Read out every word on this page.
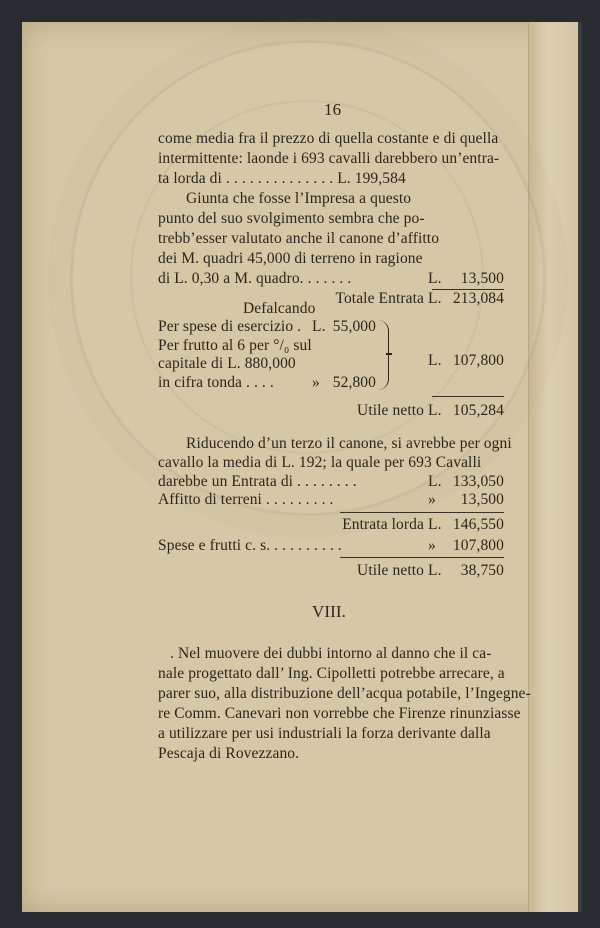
16
come media fra il prezzo di quella costante e di quella
intermittente: laonde i 693 cavalli darebbero un’entra-
ta lorda di . . . . . . . . . . . . . . L. 199,584
Giunta che fosse l’Impresa a questo
punto del suo svolgimento sembra che po-
trebb’esser valutato anche il canone d’affitto
dei M. quadri 45,000 di terreno in ragione
di L. 0,30 a M. quadro. . . . . . .	L.	13,500
Totale Entrata L. 213,084
Defalcando
Per spese di esercizio . L. 55,000
Per frutto al 6 per °/₀ sul
capitale di L. 880,000
in cifra tonda . . . . » 52,800
L. 107,800
Utile netto L. 105,284
Riducendo d’un terzo il canone, si avrebbe per ogni
cavallo la media di L. 192; la quale per 693 Cavalli
darebbe un Entrata di . . . . . . . .	L. 133,050
Affitto di terreni . . . . . . . . .	»	13,500
Entrata lorda L. 146,550
Spese e frutti c. s. . . . . . . . . .	»	107,800
Utile netto L.	38,750
VIII.
. Nel muovere dei dubbi intorno al danno che il ca-
nale progettato dall’ Ing. Cipolletti potrebbe arrecare, a
parer suo, alla distribuzione dell’acqua potabile, l’Ingegne-
re Comm. Canevari non vorrebbe che Firenze rinunziasse
a utilizzare per usi industriali la forza derivante dalla
Pescaja di Rovezzano.
